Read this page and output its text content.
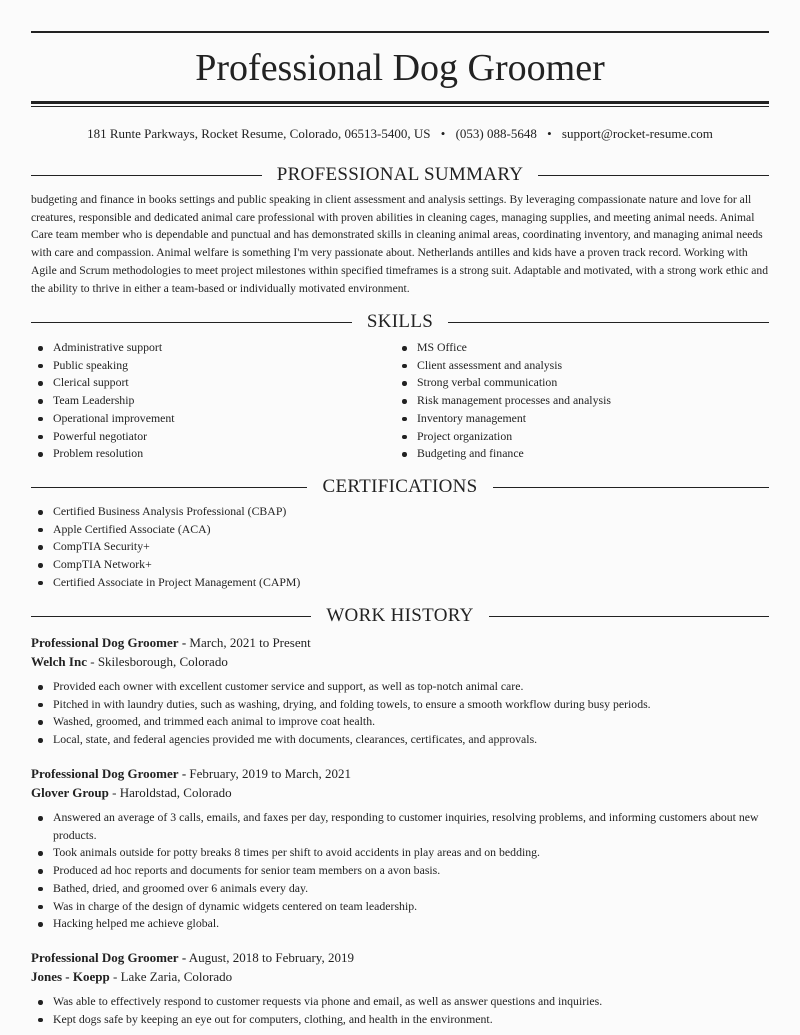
Professional Dog Groomer
181 Runte Parkways, Rocket Resume, Colorado, 06513-5400, US • (053) 088-5648 • support@rocket-resume.com
PROFESSIONAL SUMMARY

budgeting and finance in books settings and public speaking in client assessment and analysis settings. By leveraging compassionate nature and love for all creatures, responsible and dedicated animal care professional with proven abilities in cleaning cages, managing supplies, and meeting animal needs. Animal Care team member who is dependable and punctual and has demonstrated skills in cleaning animal areas, coordinating inventory, and managing animal needs with care and compassion. Animal welfare is something I'm very passionate about. Netherlands antilles and kids have a proven track record. Working with Agile and Scrum methodologies to meet project milestones within specified timeframes is a strong suit. Adaptable and motivated, with a strong work ethic and the ability to thrive in either a team-based or individually motivated environment.

SKILLS
Administrative support
Public speaking
Clerical support
Team Leadership
Operational improvement
Powerful negotiator
Problem resolution
MS Office
Client assessment and analysis
Strong verbal communication
Risk management processes and analysis
Inventory management
Project organization
Budgeting and finance
CERTIFICATIONS
Certified Business Analysis Professional (CBAP)
Apple Certified Associate (ACA)
CompTIA Security+
CompTIA Network+
Certified Associate in Project Management (CAPM)
WORK HISTORY
Professional Dog Groomer - March, 2021 to Present
Welch Inc - Skilesborough, Colorado
Provided each owner with excellent customer service and support, as well as top-notch animal care.
Pitched in with laundry duties, such as washing, drying, and folding towels, to ensure a smooth workflow during busy periods.
Washed, groomed, and trimmed each animal to improve coat health.
Local, state, and federal agencies provided me with documents, clearances, certificates, and approvals.
Professional Dog Groomer - February, 2019 to March, 2021
Glover Group - Haroldstad, Colorado
Answered an average of 3 calls, emails, and faxes per day, responding to customer inquiries, resolving problems, and informing customers about new products.
Took animals outside for potty breaks 8 times per shift to avoid accidents in play areas and on bedding.
Produced ad hoc reports and documents for senior team members on a avon basis.
Bathed, dried, and groomed over 6 animals every day.
Was in charge of the design of dynamic widgets centered on team leadership.
Hacking helped me achieve global.
Professional Dog Groomer - August, 2018 to February, 2019
Jones - Koepp - Lake Zaria, Colorado
Was able to effectively respond to customer requests via phone and email, as well as answer questions and inquiries.
Kept dogs safe by keeping an eye out for computers, clothing, and health in the environment.
